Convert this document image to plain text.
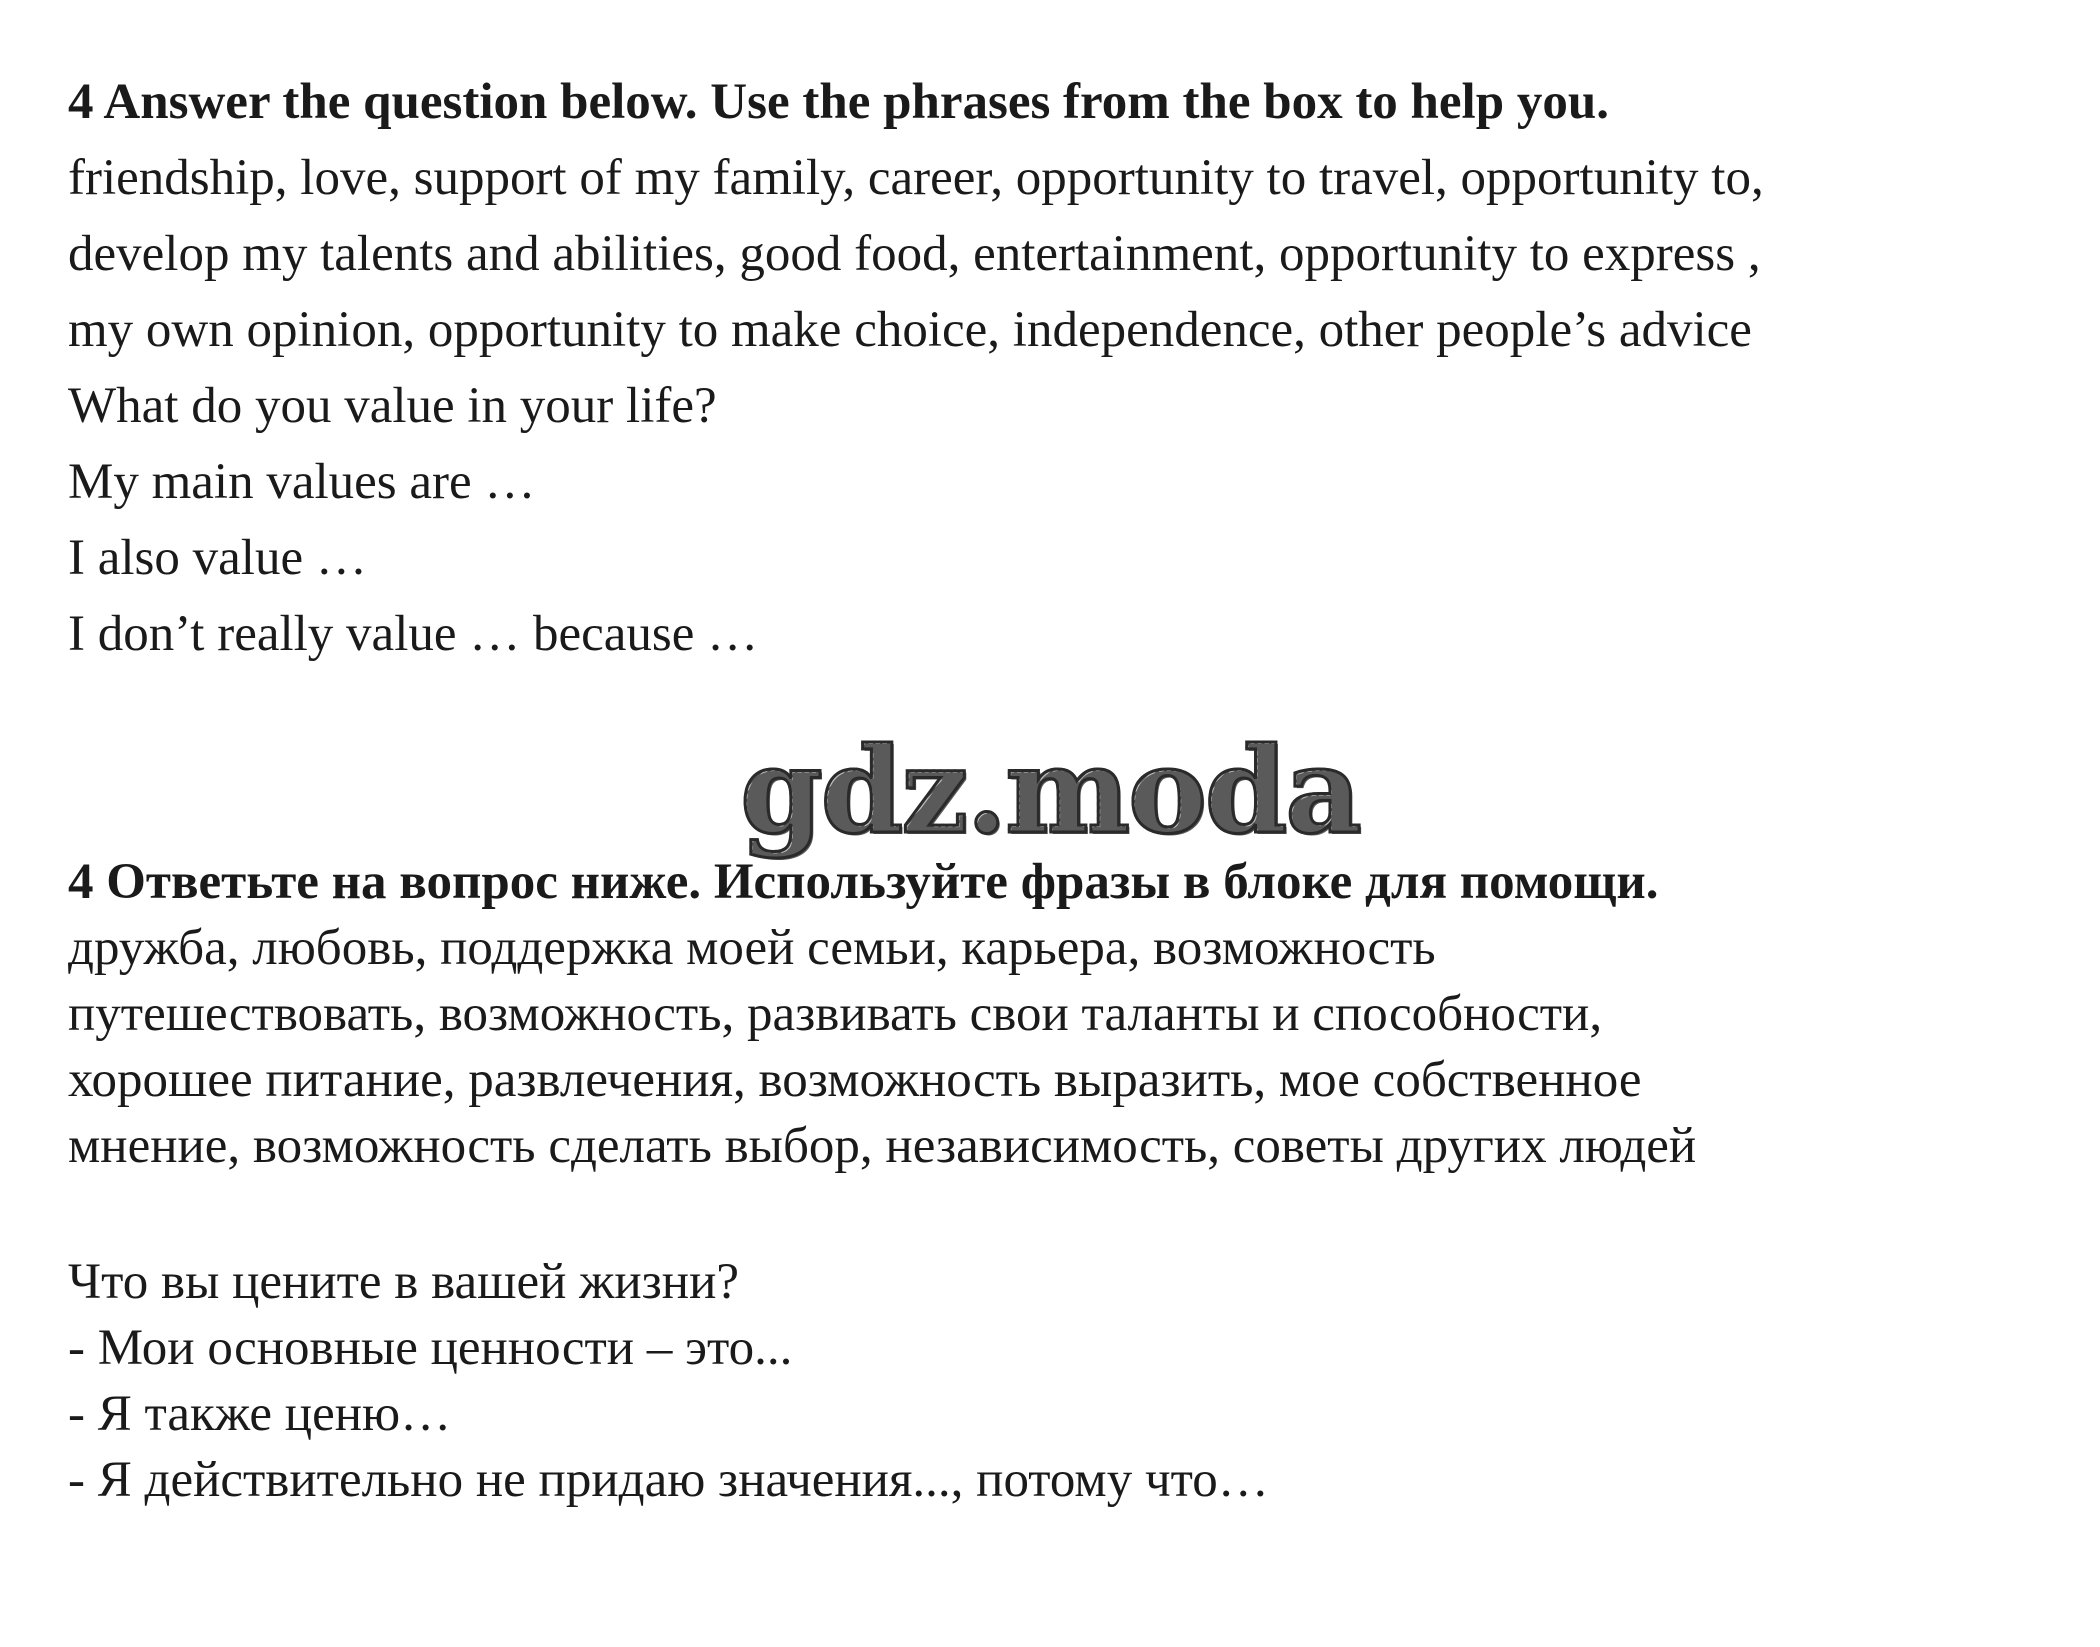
4 Answer the question below. Use the phrases from the box to help you.

friendship, love, support of my family, career, opportunity to travel, opportunity to,

develop my talents and abilities, good food, entertainment, opportunity to express ,

my own opinion, opportunity to make choice, independence, other people’s advice

What do you value in your life?

My main values are …

I also value …

I don’t really value … because …

gdz.moda

4 Ответьте на вопрос ниже. Используйте фразы в блоке для помощи.

дружба, любовь, поддержка моей семьи, карьера, возможность

путешествовать, возможность, развивать свои таланты и способности,

хорошее питание, развлечения, возможность выразить, мое собственное

мнение, возможность сделать выбор, независимость, советы других людей

Что вы цените в вашей жизни?

- Мои основные ценности – это...

- Я также ценю…

- Я действительно не придаю значения..., потому что…
